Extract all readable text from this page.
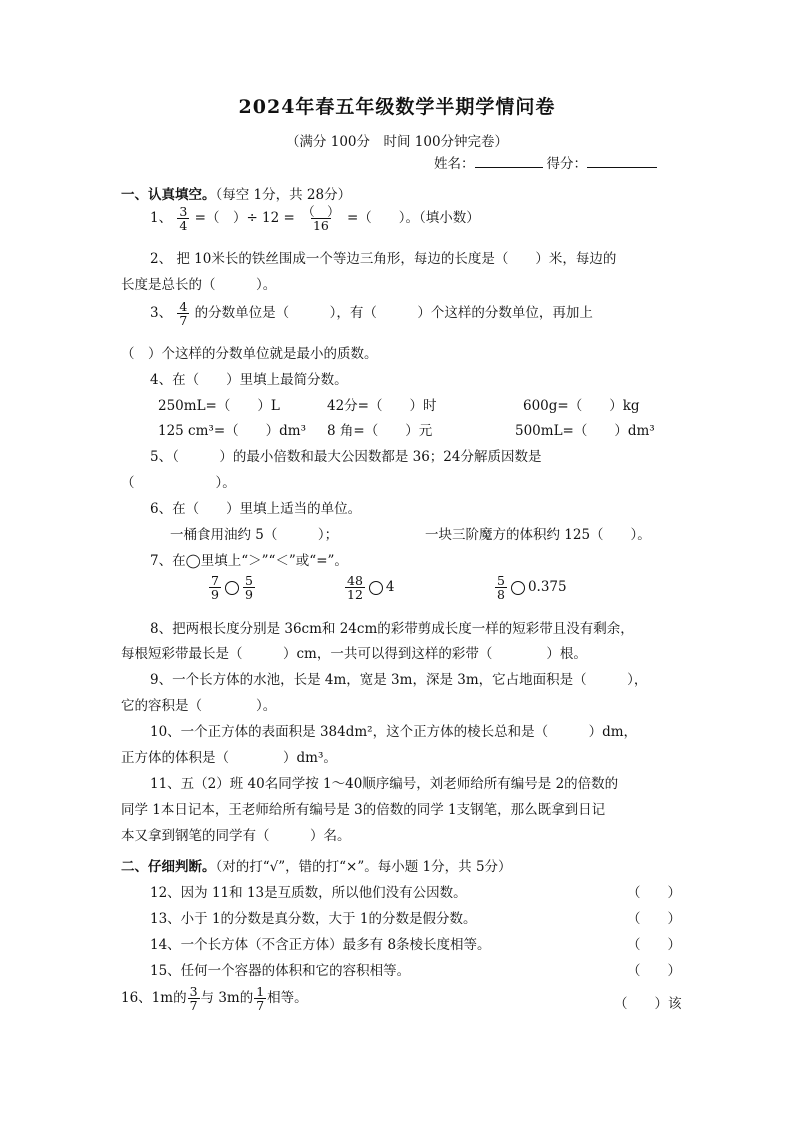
2024年春五年级数学半期学情问卷
（满分 100分　时间 100分钟完卷）
姓名：	得分：
一、认真填空。（每空 1分，共 28分）
1、 $\frac{3}{4}$ =（　）÷ $12 = \frac{( )}{16}$ =（　　）。（填小数）
2、 把 10米长的铁丝围成一个等边三角形，每边的长度是（　　）米，每边的
长度是总长的（　　　）。
3、 $\frac{4}{7}$ 的分数单位是（　　　），有（　　　）个这样的分数单位，再加上
（　）个这样的分数单位就是最小的质数。
4、在（　　）里填上最简分数。
250mL=（　　）L	42分=（　　）时	600g=（　　）kg
125 cm³=（　　）dm³ 8 角=（　　）元	500mL=（　　）dm³
5、（　　　）的最小倍数和最大公因数都是 36；24分解质因数是
（　　　　　　）。
6、在（　　）里填上适当的单位。
一桶食用油约 5（　　　）；	一块三阶魔方的体积约 125（　　）。
7、在◯里填上“＞”“＜”或“=”。
$\frac{7}{9} \frac{5}{9}$	$\frac{48}{12} 4$	$\frac{5}{8} 0.375$
8、把两根长度分别是 36cm和 24cm的彩带剪成长度一样的短彩带且没有剩余，
每根短彩带最长是（　　　）cm，一共可以得到这样的彩带（　　　　）根。
9、一个长方体的水池，长是 4m，宽是 3m，深是 3m，它占地面积是（　　　），
它的容积是（　　　　）。
10、一个正方体的表面积是 384dm²，这个正方体的棱长总和是（　　　）dm，
正方体的体积是（　　　　）dm³。
11、五（2）班 40名同学按 1～40顺序编号，刘老师给所有编号是 2的倍数的
同学 1本日记本，王老师给所有编号是 3的倍数的同学 1支钢笔，那么既拿到日记
本又拿到钢笔的同学有（　　　）名。
二、仔细判断。（对的打“√”，错的打“×”。每小题 1分，共 5分）
12、因为 11和 13是互质数，所以他们没有公因数。	（　　）
13、小于 1的分数是真分数，大于 1的分数是假分数。	（　　）
14、一个长方体（不含正方体）最多有 8条棱长度相等。	（　　）
15、任何一个容器的体积和它的容积相等。	（　　）
16、1m的 $\frac{3}{7}$ 与 3m的 $\frac{1}{7}$ 相等。	（　　）该
